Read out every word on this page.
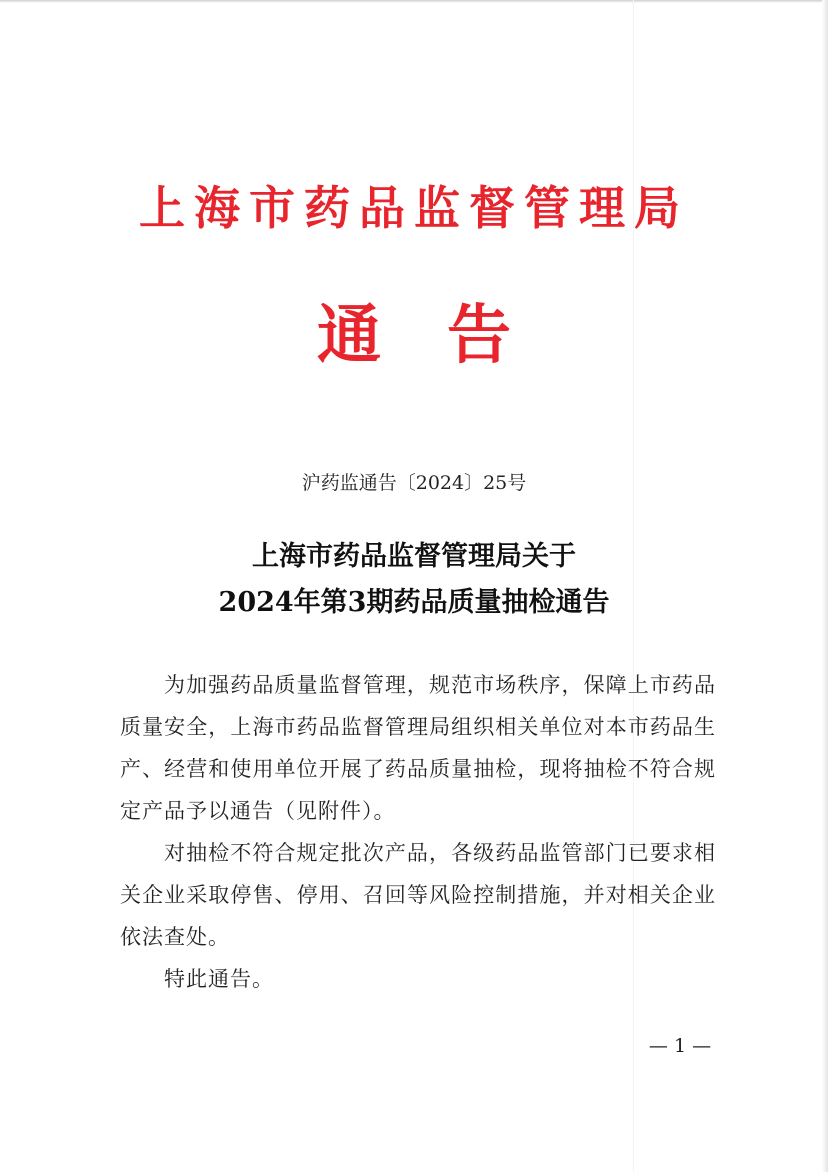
上海市药品监督管理局
通告
沪药监通告〔2024〕25号
上海市药品监督管理局关于
2024年第3期药品质量抽检通告

为加强药品质量监督管理，规范市场秩序，保障上市药品质量安全，上海市药品监督管理局组织相关单位对本市药品生产、经营和使用单位开展了药品质量抽检，现将抽检不符合规定产品予以通告（见附件）。

对抽检不符合规定批次产品，各级药品监管部门已要求相关企业采取停售、停用、召回等风险控制措施，并对相关企业依法查处。

特此通告。

— 1 —
